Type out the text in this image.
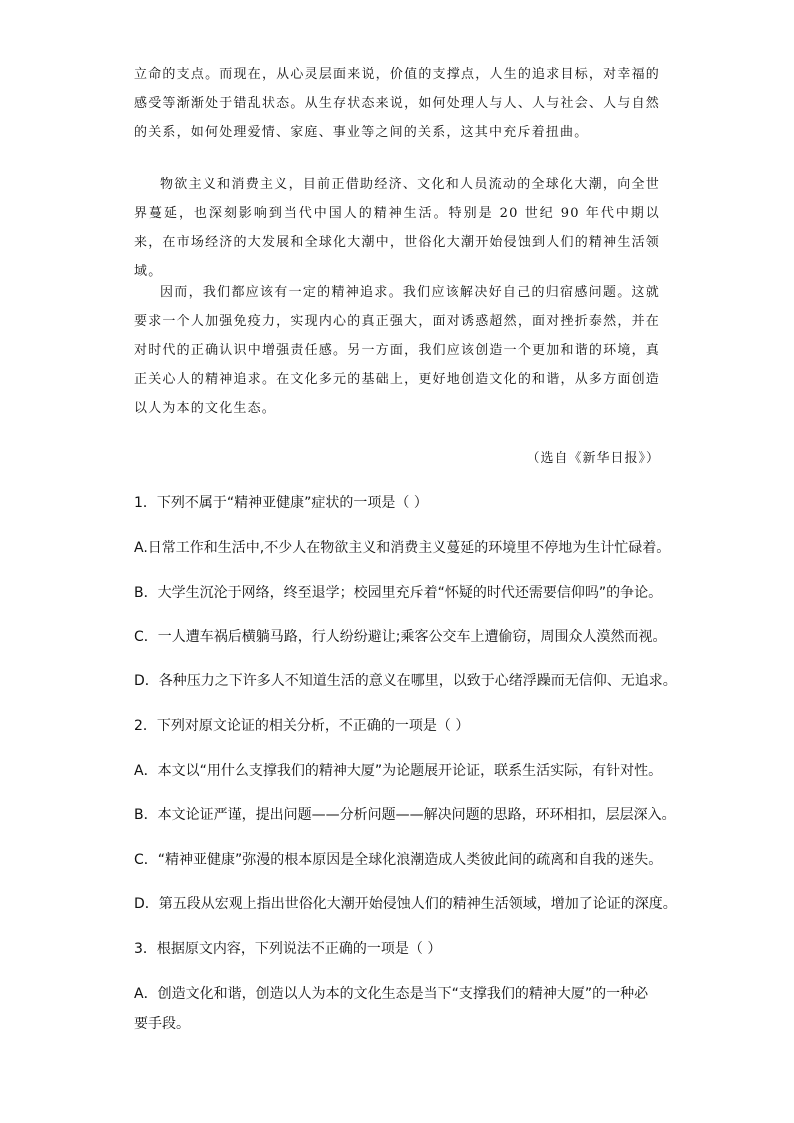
立命的支点。而现在，从心灵层面来说，价值的支撑点，人生的追求目标，对幸福的感受等渐渐处于错乱状态。从生存状态来说，如何处理人与人、人与社会、人与自然的关系，如何处理爱情、家庭、事业等之间的关系，这其中充斥着扭曲。

物欲主义和消费主义，目前正借助经济、文化和人员流动的全球化大潮，向全世界蔓延，也深刻影响到当代中国人的精神生活。特别是 20 世纪 90 年代中期以来，在市场经济的大发展和全球化大潮中，世俗化大潮开始侵蚀到人们的精神生活领域。

因而，我们都应该有一定的精神追求。我们应该解决好自己的归宿感问题。这就要求一个人加强免疫力，实现内心的真正强大，面对诱惑超然，面对挫折泰然，并在对时代的正确认识中增强责任感。另一方面，我们应该创造一个更加和谐的环境，真正关心人的精神追求。在文化多元的基础上，更好地创造文化的和谐，从多方面创造以人为本的文化生态。

（选自《新华日报》）

1．下列不属于“精神亚健康”症状的一项是（ ）

A.日常工作和生活中,不少人在物欲主义和消费主义蔓延的环境里不停地为生计忙碌着。

B．大学生沉沦于网络，终至退学；校园里充斥着“怀疑的时代还需要信仰吗”的争论。

C．一人遭车祸后横躺马路，行人纷纷避让;乘客公交车上遭偷窃，周围众人漠然而视。

D．各种压力之下许多人不知道生活的意义在哪里，以致于心绪浮躁而无信仰、无追求。

2．下列对原文论证的相关分析，不正确的一项是（ ）

A．本文以“用什么支撑我们的精神大厦”为论题展开论证，联系生活实际，有针对性。

B．本文论证严谨，提出问题——分析问题——解决问题的思路，环环相扣，层层深入。

C．“精神亚健康”弥漫的根本原因是全球化浪潮造成人类彼此间的疏离和自我的迷失。

D．第五段从宏观上指出世俗化大潮开始侵蚀人们的精神生活领域，增加了论证的深度。

3．根据原文内容，下列说法不正确的一项是（ ）

A．创造文化和谐，创造以人为本的文化生态是当下“支撑我们的精神大厦”的一种必要手段。
